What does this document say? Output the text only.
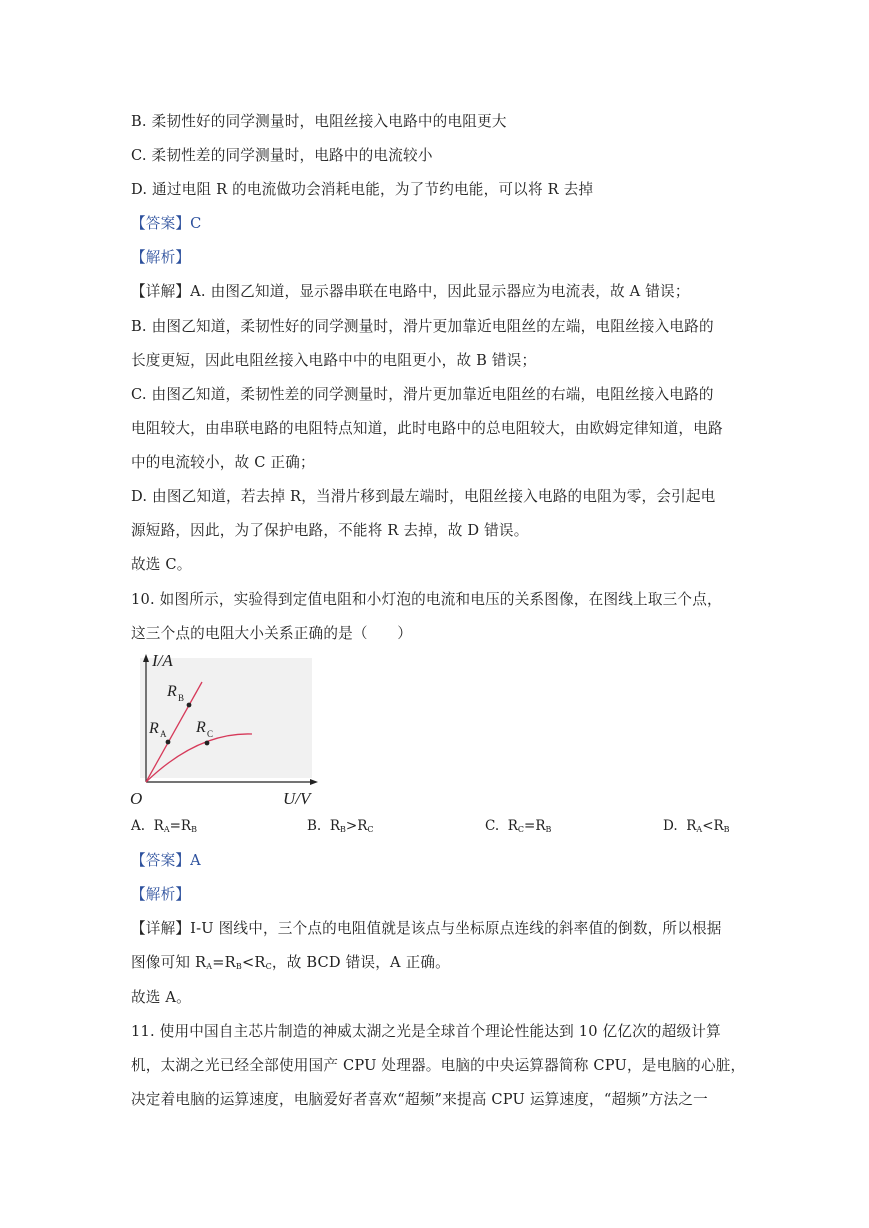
B. 柔韧性好的同学测量时，电阻丝接入电路中的电阻更大
C. 柔韧性差的同学测量时，电路中的电流较小
D. 通过电阻 R 的电流做功会消耗电能，为了节约电能，可以将 R 去掉
【答案】C
【解析】
【详解】A. 由图乙知道，显示器串联在电路中，因此显示器应为电流表，故 A 错误；
B. 由图乙知道，柔韧性好的同学测量时，滑片更加靠近电阻丝的左端，电阻丝接入电路的
长度更短，因此电阻丝接入电路中中的电阻更小，故 B 错误；
C. 由图乙知道，柔韧性差的同学测量时，滑片更加靠近电阻丝的右端，电阻丝接入电路的
电阻较大，由串联电路的电阻特点知道，此时电路中的总电阻较大，由欧姆定律知道，电路
中的电流较小，故 C 正确；
D. 由图乙知道，若去掉 R，当滑片移到最左端时，电阻丝接入电路的电阻为零，会引起电
源短路，因此，为了保护电路，不能将 R 去掉，故 D 错误。
故选 C。
10. 如图所示，实验得到定值电阻和小灯泡的电流和电压的关系图像，在图线上取三个点，
这三个点的电阻大小关系正确的是（　　）
I/A
O	U/V
R
R R
B
A	C
A. $R_A=R_B$	B. $R_B>R_C$	C. $R_C=R_B$	D. $R_A<R_B$
【答案】A
【解析】
【详解】I-U 图线中，三个点的电阻值就是该点与坐标原点连线的斜率值的倒数，所以根据
图像可知 $R_A=R_B<R_C$，故 BCD 错误，A 正确。
故选 A。
11. 使用中国自主芯片制造的神威太湖之光是全球首个理论性能达到 10 亿亿次的超级计算
机，太湖之光已经全部使用国产 CPU 处理器。电脑的中央运算器简称 CPU，是电脑的心脏，
决定着电脑的运算速度，电脑爱好者喜欢“超频”来提高 CPU 运算速度，“超频”方法之一
